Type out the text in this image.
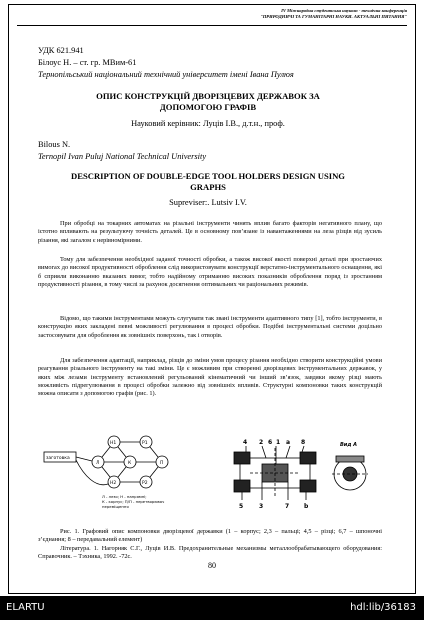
IV Міжнародна студентська науково - технічна конференція
"ПРИРОДНИЧІ ТА ГУМАНІТАРНІ НАУКИ. АКТУАЛЬНІ ПИТАННЯ"
УДК 621.941
Білоус Н. – ст. гр. МВим-61
Тернопільський національний технічний університет імені Івана Пулюя
ОПИС КОНСТРУКЦІЙ ДВОРІЗЦЕВИХ ДЕРЖАВОК ЗА
ДОПОМОГОЮ ГРАФІВ
Науковий керівник: Луців І.В., д.т.н., проф.
Bilous N.
Ternopil Ivan Puluj National Technical University
DESCRIPTION OF DOUBLE-EDGE TOOL HOLDERS DESIGN USING
GRAPHS
Supreviser:. Lutsiv I.V.

При обробці на токарних автоматах на різальні інструменти чинять вплив багато факторів негативного плану, що істотно впливають на результуючу точність деталей. Це в основному пов’язане із навантаженнями на леза різців від зусиль різання, які загалом є нерівномірними.

Тому для забезпечення необхідної заданої точності обробки, а також високої якості поверхні деталі при зростаючих вимогах до високої продуктивності оброблення слід використовувати конструкції верстатно-інструментального оснащення, які б сприяли виконанню вказаних вимог, тобто надійному отриманню високих показників оброблення поряд із зростанням продуктивності різання, в тому числі за рахунок досягнення оптимальних чи раціональних режимів.

Відомо, що такими інструментами можуть слугувати так звані інструменти адаптивного типу [1], тобто інструменти, в конструкцію яких закладені певні можливості регулювання в процесі обробки. Подібні інструментальні системи доцільно застосовувати для оброблення як зовнішніх поверхонь, так і отворів.

Для забезпечення адаптації, наприклад, різців до зміни умов процесу різання необхідно створити конструкційні умови реагування різального інструменту на такі зміни. Це є можливим при створенні дворізцевих інструментальних державок, у яких між лезами інструменту встановлений регульований кінематичний чи інший зв’язок, завдяки якому різці мають можливість підрегулювання в процесі обробки залежно від зовнішніх впливів. Структурні компоновки таких конструкцій можна описати з допомогою графів (рис. 1).

заготовка
Н1
Н2
Р1
Р2
К
Л	П
Л - лезо; Н - напрямні;
К - корпус; П/П - перетворювач
переміщення
4 2 6 1 a 8
5	3	7 b
Вид А
Рис. 1. Графовий опис компоновки дворізцевої державки (1 – корпус; 2,3 – пальці; 4,5 – різці; 6,7 – шпоночні з’єднання; 8 – передавальний елемент)
Література. 1. Нагорняк С.Г., Луців И.В. Предохранительные механизмы металлообрабатывающего оборудования: Справочник. – Тэхника, 1992. -72с.
80
ELARTU	hdl:lib/36183
